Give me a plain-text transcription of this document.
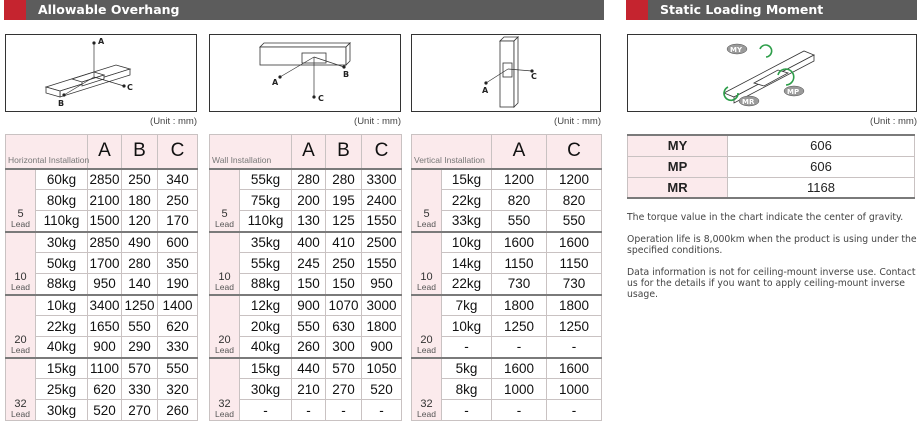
Allowable Overhang	Static Loading Moment
A
C
B
A
B
C
A
C
MY
MP
MR
(Unit : mm)	(Unit : mm)	(Unit : mm)	(Unit : mm)
Horizontal Installation		A	B	C

5
Lead	60kg	2850	250	340
	80kg	2100	180	250
	110kg	1500	120	170

10
Lead	30kg	2850	490	600
	50kg	1700	280	350
	88kg	950	140	190

20
Lead	10kg	3400	1250	1400
	22kg	1650	550	620
	40kg	900	290	330

32
Lead	15kg	1100	570	550
	25kg	620	330	320
	30kg	520	270	260
Wall Installation		A	B	C

5
Lead	55kg	280	280	3300
	75kg	200	195	2400
	110kg	130	125	1550

10
Lead	35kg	400	410	2500
	55kg	245	250	1550
	88kg	150	150	950

20
Lead	12kg	900	1070	3000
	20kg	550	630	1800
	40kg	260	300	900

32
Lead	15kg	440	570	1050
	30kg	210	270	520
	-	-	-	-
Vertical Installation		A	C

5
Lead	15kg	1200	1200
	22kg	820	820
	33kg	550	550

10
Lead	10kg	1600	1600
	14kg	1150	1150
	22kg	730	730

20
Lead	7kg	1800	1800
	10kg	1250	1250
	-	-	-

32
Lead	5kg	1600	1600
	8kg	1000	1000
	-	-	-
MY	606
MP	606
MR	1168

The torque value in the chart indicate the center of gravity.

Operation life is 8,000km when the product is using under the specified conditions.

Data information is not for ceiling-mount inverse use. Contact us for the details if you want to apply ceiling-mount inverse usage.
